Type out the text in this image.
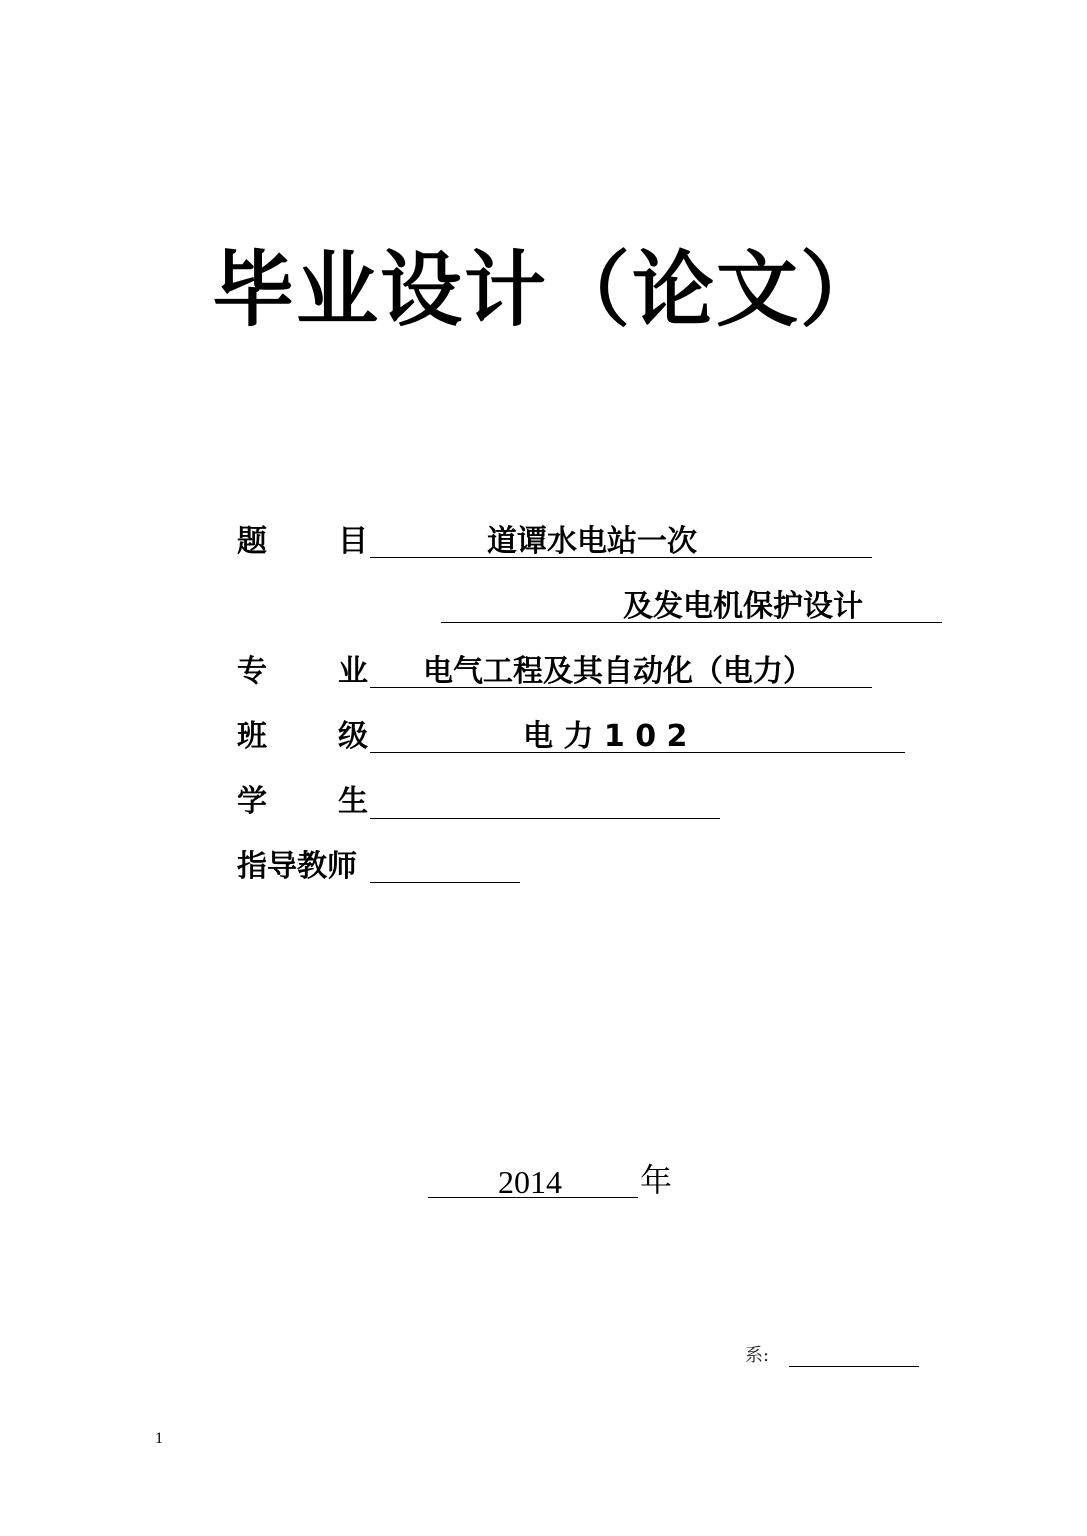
毕业设计（论文）
题 目	道谭水电站一次
及发电机保护设计
专 业 电气工程及其自动化（电力）
班 级	电 力 1 0 2
学 生
指导教师
2014 年
系:
1
